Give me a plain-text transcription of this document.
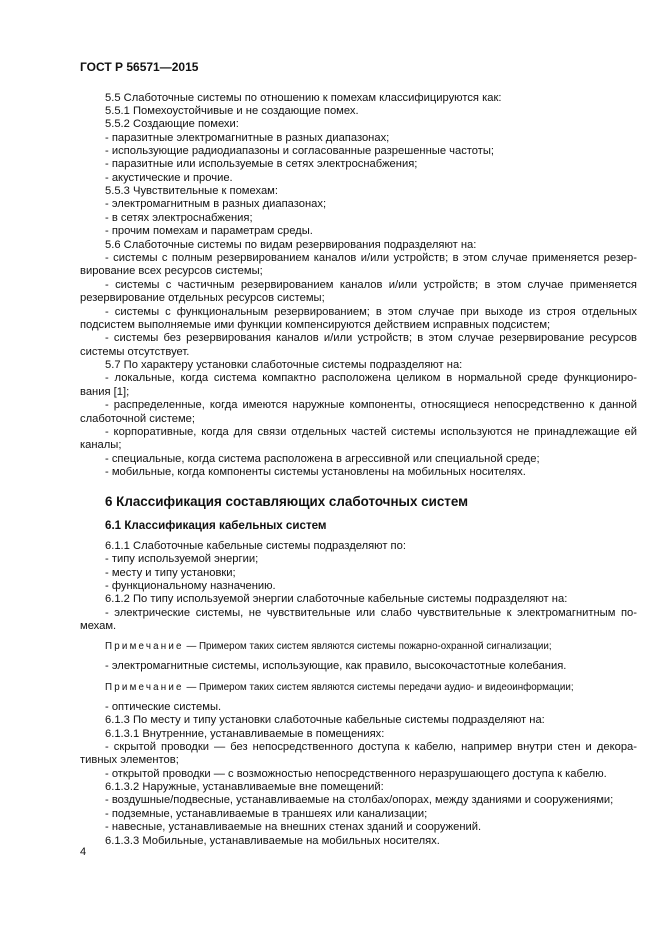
ГОСТ Р 56571—2015
5.5 Слаботочные системы по отношению к помехам классифицируются как:
5.5.1 Помехоустойчивые и не создающие помех.
5.5.2 Создающие помехи:
- паразитные электромагнитные в разных диапазонах;
- использующие радиодиапазоны и согласованные разрешенные частоты;
- паразитные или используемые в сетях электроснабжения;
- акустические и прочие.
5.5.3 Чувствительные к помехам:
- электромагнитным в разных диапазонах;
- в сетях электроснабжения;
- прочим помехам и параметрам среды.
5.6 Слаботочные системы по видам резервирования подразделяют на:
- системы с полным резервированием каналов и/или устройств; в этом случае применяется резер-
вирование всех ресурсов системы;
- системы с частичным резервированием каналов и/или устройств; в этом случае применяется
резервирование отдельных ресурсов системы;
- системы с функциональным резервированием; в этом случае при выходе из строя отдельных
подсистем выполняемые ими функции компенсируются действием исправных подсистем;
- системы без резервирования каналов и/или устройств; в этом случае резервирование ресурсов
системы отсутствует.
5.7 По характеру установки слаботочные системы подразделяют на:
- локальные, когда система компактно расположена целиком в нормальной среде функциониро-
вания [1];
- распределенные, когда имеются наружные компоненты, относящиеся непосредственно к данной
слаботочной системе;
- корпоративные, когда для связи отдельных частей системы используются не принадлежащие ей
каналы;
- специальные, когда система расположена в агрессивной или специальной среде;
- мобильные, когда компоненты системы установлены на мобильных носителях.
6 Классификация составляющих слаботочных систем
6.1 Классификация кабельных систем
6.1.1 Слаботочные кабельные системы подразделяют по:
- типу используемой энергии;
- месту и типу установки;
- функциональному назначению.
6.1.2 По типу используемой энергии слаботочные кабельные системы подразделяют на:
- электрические системы, не чувствительные или слабо чувствительные к электромагнитным по-
мехам.
Примечание — Примером таких систем являются системы пожарно-охранной сигнализации;
- электромагнитные системы, использующие, как правило, высокочастотные колебания.
Примечание — Примером таких систем являются системы передачи аудио- и видеоинформации;
- оптические системы.
6.1.3 По месту и типу установки слаботочные кабельные системы подразделяют на:
6.1.3.1 Внутренние, устанавливаемые в помещениях:
- скрытой проводки — без непосредственного доступа к кабелю, например внутри стен и декора-
тивных элементов;
- открытой проводки — с возможностью непосредственного неразрушающего доступа к кабелю.
6.1.3.2 Наружные, устанавливаемые вне помещений:
- воздушные/подвесные, устанавливаемые на столбах/опорах, между зданиями и сооружениями;
- подземные, устанавливаемые в траншеях или канализации;
- навесные, устанавливаемые на внешних стенах зданий и сооружений.
6.1.3.3 Мобильные, устанавливаемые на мобильных носителях.
4
